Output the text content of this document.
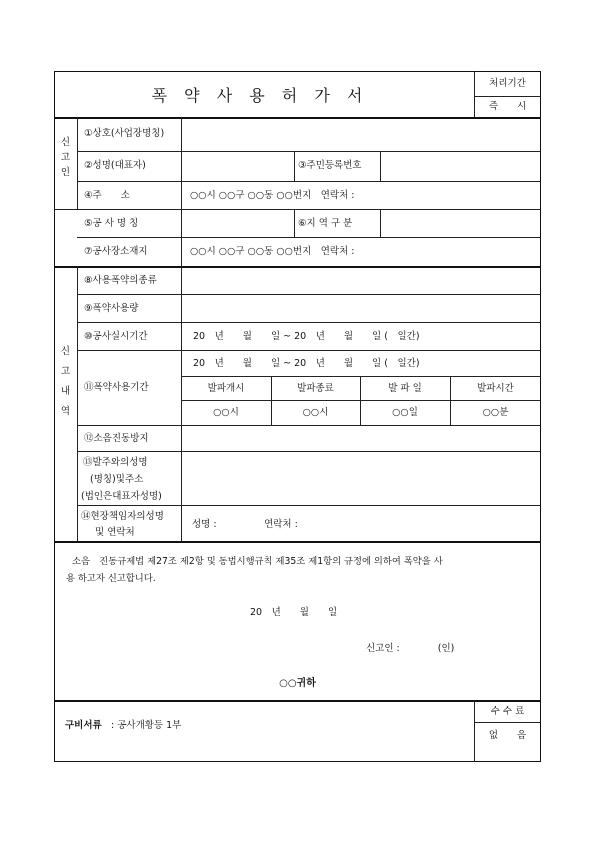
폭 약 사 용 허 가 서
처리기간
즉　　시
신
고
인
①상호(사업장명칭)
②성명(대표자)	③주민등록번호
④주　　소	○○시 ○○구 ○○동 ○○번지　연락처 :
⑤공 사 명 칭	⑥지 역 구 분
⑦공사장소재지	○○시 ○○구 ○○동 ○○번지　연락처 :
신

고

내

역
⑧사용폭약의종류
⑨폭약사용량
⑩공사실시기간	20　년　　월　　일 ~ 20　년　　월　　일 (　일간)
⑪폭약사용기간
20　년　　월　　일 ~ 20　년　　월　　일 (　일간)
발파개시	발파종료	발 파 일	발파시간
○○시	○○시	○○일	○○분
⑫소음진동방지
⑬발주와의성명
(명칭)및주소
(법인은대표자성명)
⑭현장책임자의성명
및 연락처
성명 :　　　　　연락처 :
소음　진동규제법 제27조 제2항 및 동법시행규칙 제35조 제1항의 규정에 의하여 폭약을 사
용 하고자 신고합니다.
20　년　　월　　일
신고인 :　　　　(인)
○○귀하
구비서류 : 공사개황등 1부
수 수 료
없　　음
